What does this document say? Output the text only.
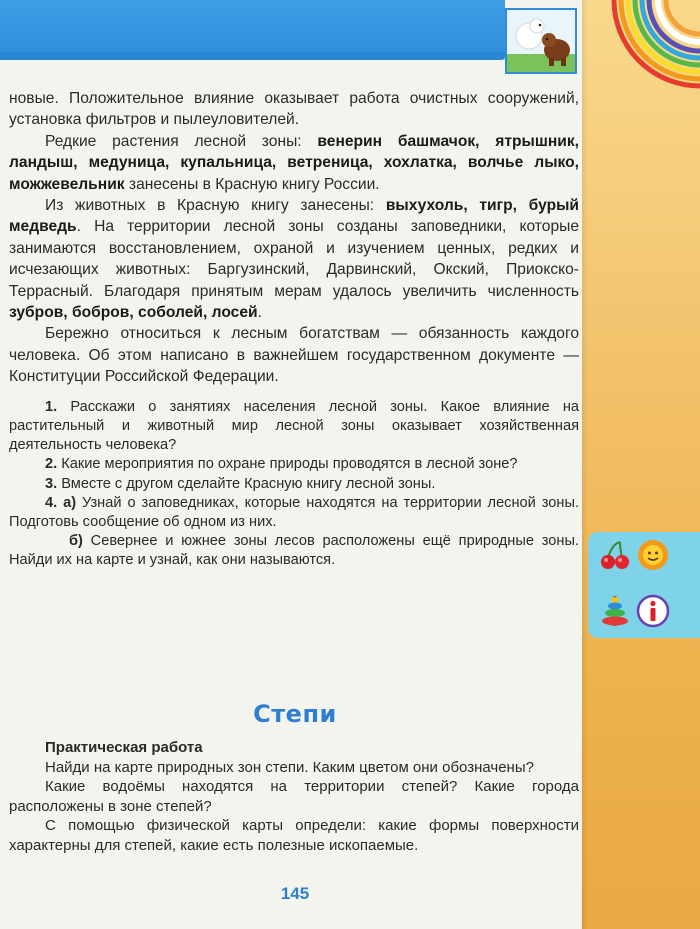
новые. Положительное влияние оказывает работа очистных сооружений, установка фильтров и пылеуловителей.

Редкие растения лесной зоны: венерин башмачок, ятрышник, ландыш, медуница, купальница, ветреница, хохлатка, волчье лыко, можжевельник занесены в Красную книгу России.

Из животных в Красную книгу занесены: выхухоль, тигр, бурый медведь. На территории лесной зоны созданы заповедники, которые занимаются восстановлением, охраной и изучением ценных, редких и исчезающих животных: Баргузинский, Дарвинский, Окский, Приокско-Террасный. Благодаря принятым мерам удалось увеличить численность зубров, бобров, соболей, лосей.

Бережно относиться к лесным богатствам — обязанность каждого человека. Об этом написано в важнейшем государственном документе — Конституции Российской Федерации.

1. Расскажи о занятиях населения лесной зоны. Какое влияние на растительный и животный мир лесной зоны оказывает хозяйственная деятельность человека?

2. Какие мероприятия по охране природы проводятся в лесной зоне?

3. Вместе с другом сделайте Красную книгу лесной зоны.

4. а) Узнай о заповедниках, которые находятся на территории лесной зоны. Подготовь сообщение об одном из них.

б) Севернее и южнее зоны лесов расположены ещё природные зоны. Найди их на карте и узнай, как они называются.

Степи

Практическая работа

Найди на карте природных зон степи. Каким цветом они обозначены?

Какие водоёмы находятся на территории степей? Какие города расположены в зоне степей?

С помощью физической карты определи: какие формы поверхности характерны для степей, какие есть полезные ископаемые.

145
